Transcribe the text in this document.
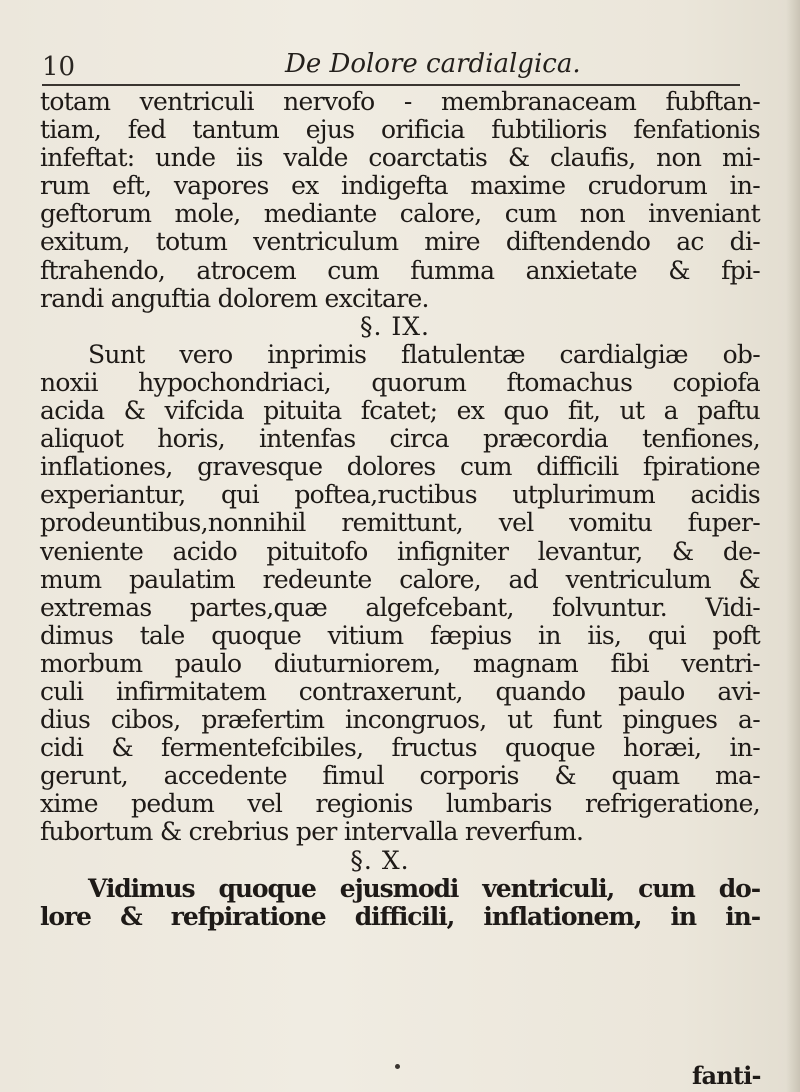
10	De Dolore cardialgica.
totam ventriculi nervofo - membranaceam fubftan-
tiam, fed tantum ejus orificia fubtilioris fenfationis
infeftat: unde iis valde coarctatis & claufis, non mi-
rum eft, vapores ex indigefta maxime crudorum in-
geftorum mole, mediante calore, cum non inveniant
exitum, totum ventriculum mire diftendendo ac di-
ftrahendo, atrocem cum fumma anxietate & fpi-
randi anguftia dolorem excitare.
§. IX.
Sunt vero inprimis flatulentæ cardialgiæ ob-
noxii hypochondriaci, quorum ftomachus copiofa
acida & vifcida pituita fcatet; ex quo fit, ut a paftu
aliquot horis, intenfas circa præcordia tenfiones,
inflationes, gravesque dolores cum difficili fpiratione
experiantur, qui poftea,ructibus utplurimum acidis
prodeuntibus,nonnihil remittunt, vel vomitu fuper-
veniente acido pituitofo infigniter levantur, & de-
mum paulatim redeunte calore, ad ventriculum &
extremas partes,quæ algefcebant, folvuntur. Vidi-
dimus tale quoque vitium fæpius in iis, qui poft
morbum paulo diuturniorem, magnam fibi ventri-
culi infirmitatem contraxerunt, quando paulo avi-
dius cibos, præfertim incongruos, ut funt pingues a-
cidi & fermentefcibiles, fructus quoque horæi, in-
gerunt, accedente fimul corporis & quam ma-
xime pedum vel regionis lumbaris refrigeratione,
fubortum & crebrius per intervalla reverfum.
§. X.
Vidimus quoque ejusmodi ventriculi, cum do-
lore & refpiratione difficili, inflationem, in in-
fanti-
